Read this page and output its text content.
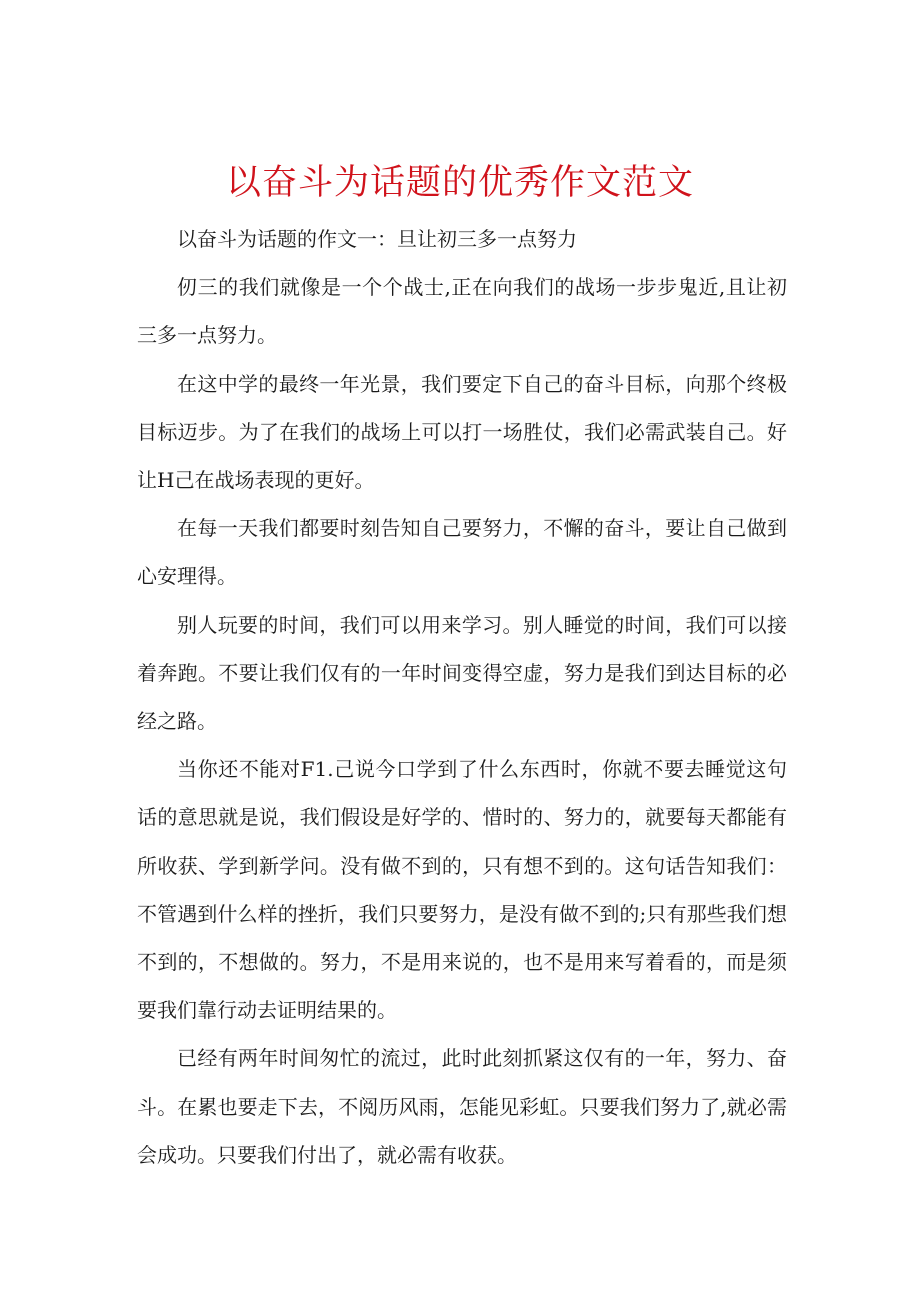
以奋斗为话题的优秀作文范文

以奋斗为话题的作文一：旦让初三多一点努力

仞三的我们就像是一个个战士,正在向我们的战场一步步鬼近,且让初三多一点努力。

在这中学的最终一年光景，我们要定下自己的奋斗目标，向那个终极目标迈步。为了在我们的战场上可以打一场胜仗，我们必需武装自己。好让H己在战场表现的更好。

在每一天我们都要时刻告知自己要努力，不懈的奋斗，要让自己做到心安理得。

别人玩要的时间，我们可以用来学习。别人睡觉的时间，我们可以接着奔跑。不要让我们仅有的一年时间变得空虚，努力是我们到达目标的必经之路。

当你还不能对F1.己说今口学到了什么东西时，你就不要去睡觉这句话的意思就是说，我们假设是好学的、惜时的、努力的，就要每天都能有所收获、学到新学问。没有做不到的，只有想不到的。这句话告知我们：不管遇到什么样的挫折，我们只要努力，是没有做不到的;只有那些我们想不到的，不想做的。努力，不是用来说的，也不是用来写着看的，而是须要我们靠行动去证明结果的。

已经有两年时间匆忙的流过，此时此刻抓紧这仅有的一年，努力、奋斗。在累也要走下去，不阅历风雨，怎能见彩虹。只要我们努力了,就必需会成功。只要我们付出了，就必需有收获。
